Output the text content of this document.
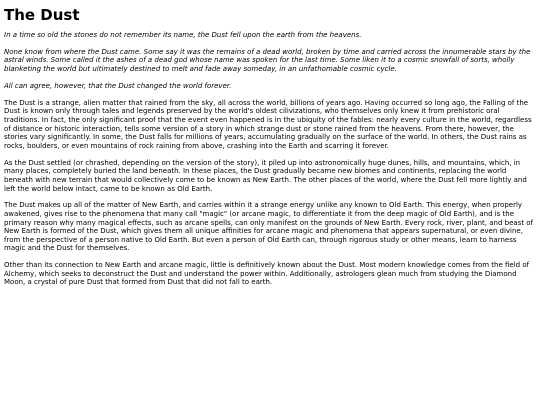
The Dust

In a time so old the stones do not remember its name, the Dust fell upon the earth from the heavens.

None know from where the Dust came. Some say it was the remains of a dead world, broken by time and carried across the innumerable stars by the astral winds. Some called it the ashes of a dead god whose name was spoken for the last time. Some liken it to a cosmic snowfall of sorts, wholly blanketing the world but ultimately destined to melt and fade away someday, in an unfathomable cosmic cycle.

All can agree, however, that the Dust changed the world forever.

The Dust is a strange, alien matter that rained from the sky, all across the world, billions of years ago. Having occurred so long ago, the Falling of the Dust is known only through tales and legends preserved by the world's oldest cilivizations, who themselves only knew it from prehistoric oral traditions. In fact, the only significant proof that the event even happened is in the ubiquity of the fables: nearly every culture in the world, regardless of distance or historic interaction, tells some version of a story in which strange dust or stone rained from the heavens. From there, however, the stories vary significantly. In some, the Dust falls for millions of years, accumulating gradually on the surface of the world. In others, the Dust rains as rocks, boulders, or even mountains of rock raining from above, crashing into the Earth and scarring it forever.

As the Dust settled (or chrashed, depending on the version of the story), it piled up into astronomically huge dunes, hills, and mountains, which, in many places, completely buried the land beneath. In these places, the Dust gradually became new biomes and continents, replacing the world beneath with new terrain that would collectively come to be known as New Earth. The other places of the world, where the Dust fell more lightly and left the world below intact, came to be known as Old Earth.

The Dust makes up all of the matter of New Earth, and carries within it a strange energy unlike any known to Old Earth. This energy, when properly awakened, gives rise to the phenomena that many call "magic" (or arcane magic, to differentiate it from the deep magic of Old Earth), and is the primary reason why many magical effects, such as arcane spells, can only manifest on the grounds of New Earth. Every rock, river, plant, and beast of New Earth is formed of the Dust, which gives them all unique affinities for arcane magic and phenomena that appears supernatural, or even divine, from the perspective of a person native to Old Earth. But even a person of Old Earth can, through rigorous study or other means, learn to harness magic and the Dust for themselves.

Other than its connection to New Earth and arcane magic, little is definitively known about the Dust. Most modern knowledge comes from the field of Alchemy, which seeks to deconstruct the Dust and understand the power within. Additionally, astrologers glean much from studying the Diamond Moon, a crystal of pure Dust that formed from Dust that did not fall to earth.
